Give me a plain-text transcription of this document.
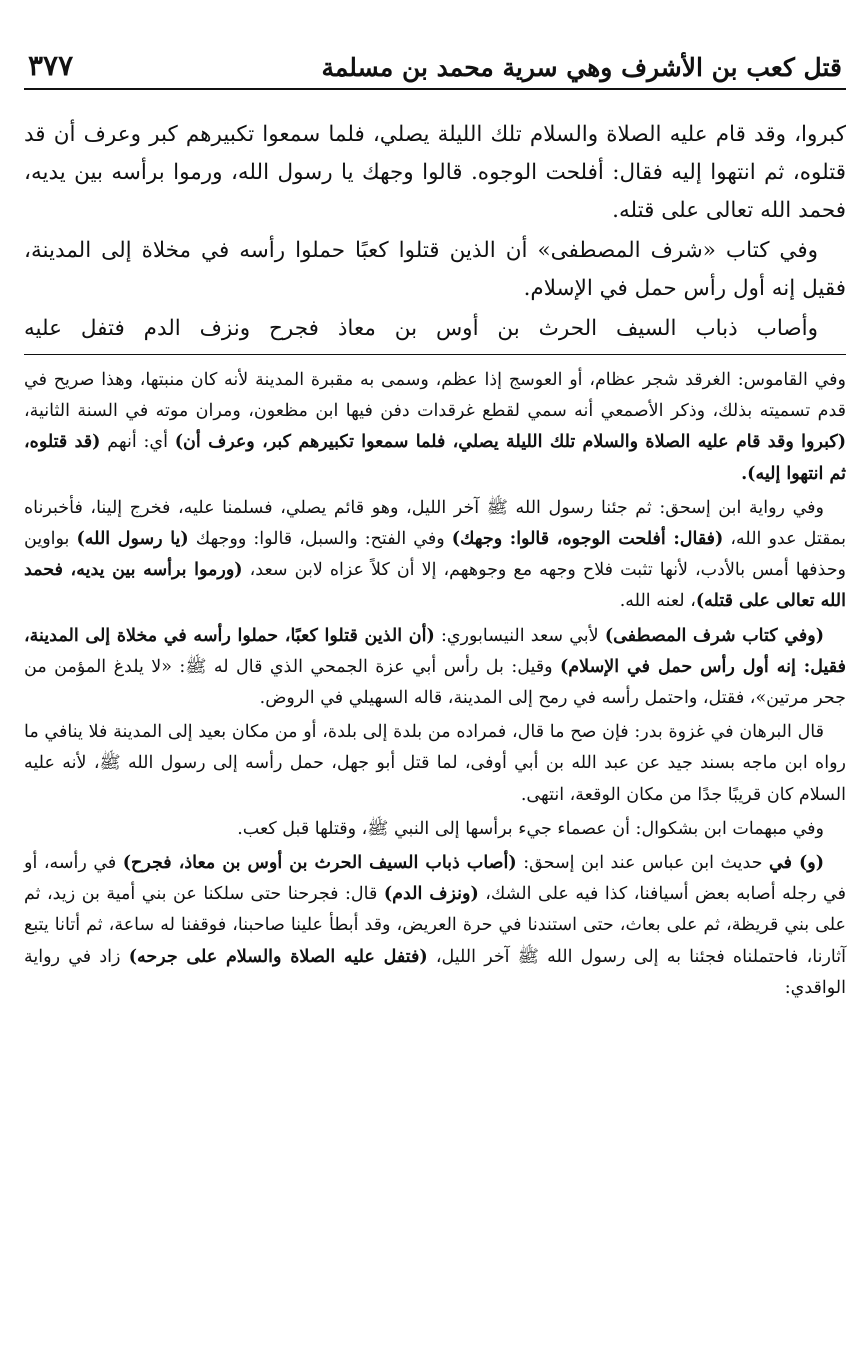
قتل كعب بن الأشرف وهي سرية محمد بن مسلمة
٣٧٧

كبروا، وقد قام عليه الصلاة والسلام تلك الليلة يصلي، فلما سمعوا تكبيرهم كبر وعرف أن قد قتلوه، ثم انتهوا إليه فقال: أفلحت الوجوه. قالوا وجهك يا رسول الله، ورموا برأسه بين يديه، فحمد الله تعالى على قتله.

وفي كتاب «شرف المصطفى» أن الذين قتلوا كعبًا حملوا رأسه في مخلاة إلى المدينة، فقيل إنه أول رأس حمل في الإسلام.

وأصاب ذباب السيف الحرث بن أوس بن معاذ فجرح ونزف الدم فتفل عليه

وفي القاموس: الغرقد شجر عظام، أو العوسج إذا عظم، وسمى به مقبرة المدينة لأنه كان منبتها، وهذا صريح في قدم تسميته بذلك، وذكر الأصمعي أنه سمي لقطع غرقدات دفن فيها ابن مظعون، ومران موته في السنة الثانية، (كبروا وقد قام عليه الصلاة والسلام تلك الليلة يصلي، فلما سمعوا تكبيرهم كبر، وعرف أن) أي: أنهم (قد قتلوه، ثم انتهوا إليه).

وفي رواية ابن إسحق: ثم جئنا رسول الله ﷺ آخر الليل، وهو قائم يصلي، فسلمنا عليه، فخرج إلينا، فأخبرناه بمقتل عدو الله، (فقال: أفلحت الوجوه، قالوا: وجهك) وفي الفتح: والسبل، قالوا: ووجهك (يا رسول الله) بواوين وحذفها أمس بالأدب، لأنها تثبت فلاح وجهه مع وجوههم، إلا أن كلاً عزاه لابن سعد، (ورموا برأسه بين يديه، فحمد الله تعالى على قتله)، لعنه الله.

(وفي كتاب شرف المصطفى) لأبي سعد النيسابوري: (أن الذين قتلوا كعبًا، حملوا رأسه في مخلاة إلى المدينة، فقيل: إنه أول رأس حمل في الإسلام) وقيل: بل رأس أبي عزة الجمحي الذي قال له ﷺ: «لا يلدغ المؤمن من جحر مرتين»، فقتل، واحتمل رأسه في رمح إلى المدينة، قاله السهيلي في الروض.

قال البرهان في غزوة بدر: فإن صح ما قال، فمراده من بلدة إلى بلدة، أو من مكان بعيد إلى المدينة فلا ينافي ما رواه ابن ماجه بسند جيد عن عبد الله بن أبي أوفى، لما قتل أبو جهل، حمل رأسه إلى رسول الله ﷺ، لأنه عليه السلام كان قريبًا جدًا من مكان الوقعة، انتهى.

وفي مبهمات ابن بشكوال: أن عصماء جيء برأسها إلى النبي ﷺ، وقتلها قبل كعب.

(و) في حديث ابن عباس عند ابن إسحق: (أصاب ذباب السيف الحرث بن أوس بن معاذ، فجرح) في رأسه، أو في رجله أصابه بعض أسيافنا، كذا فيه على الشك، (ونزف الدم) قال: فجرحنا حتى سلكنا عن بني أمية بن زيد، ثم على بني قريظة، ثم على بعاث، حتى استندنا في حرة العريض، وقد أبطأ علينا صاحبنا، فوقفنا له ساعة، ثم أتانا يتبع آثارنا، فاحتملناه فجئنا به إلى رسول الله ﷺ آخر الليل، (فتفل عليه الصلاة والسلام على جرحه) زاد في رواية الواقدي:
